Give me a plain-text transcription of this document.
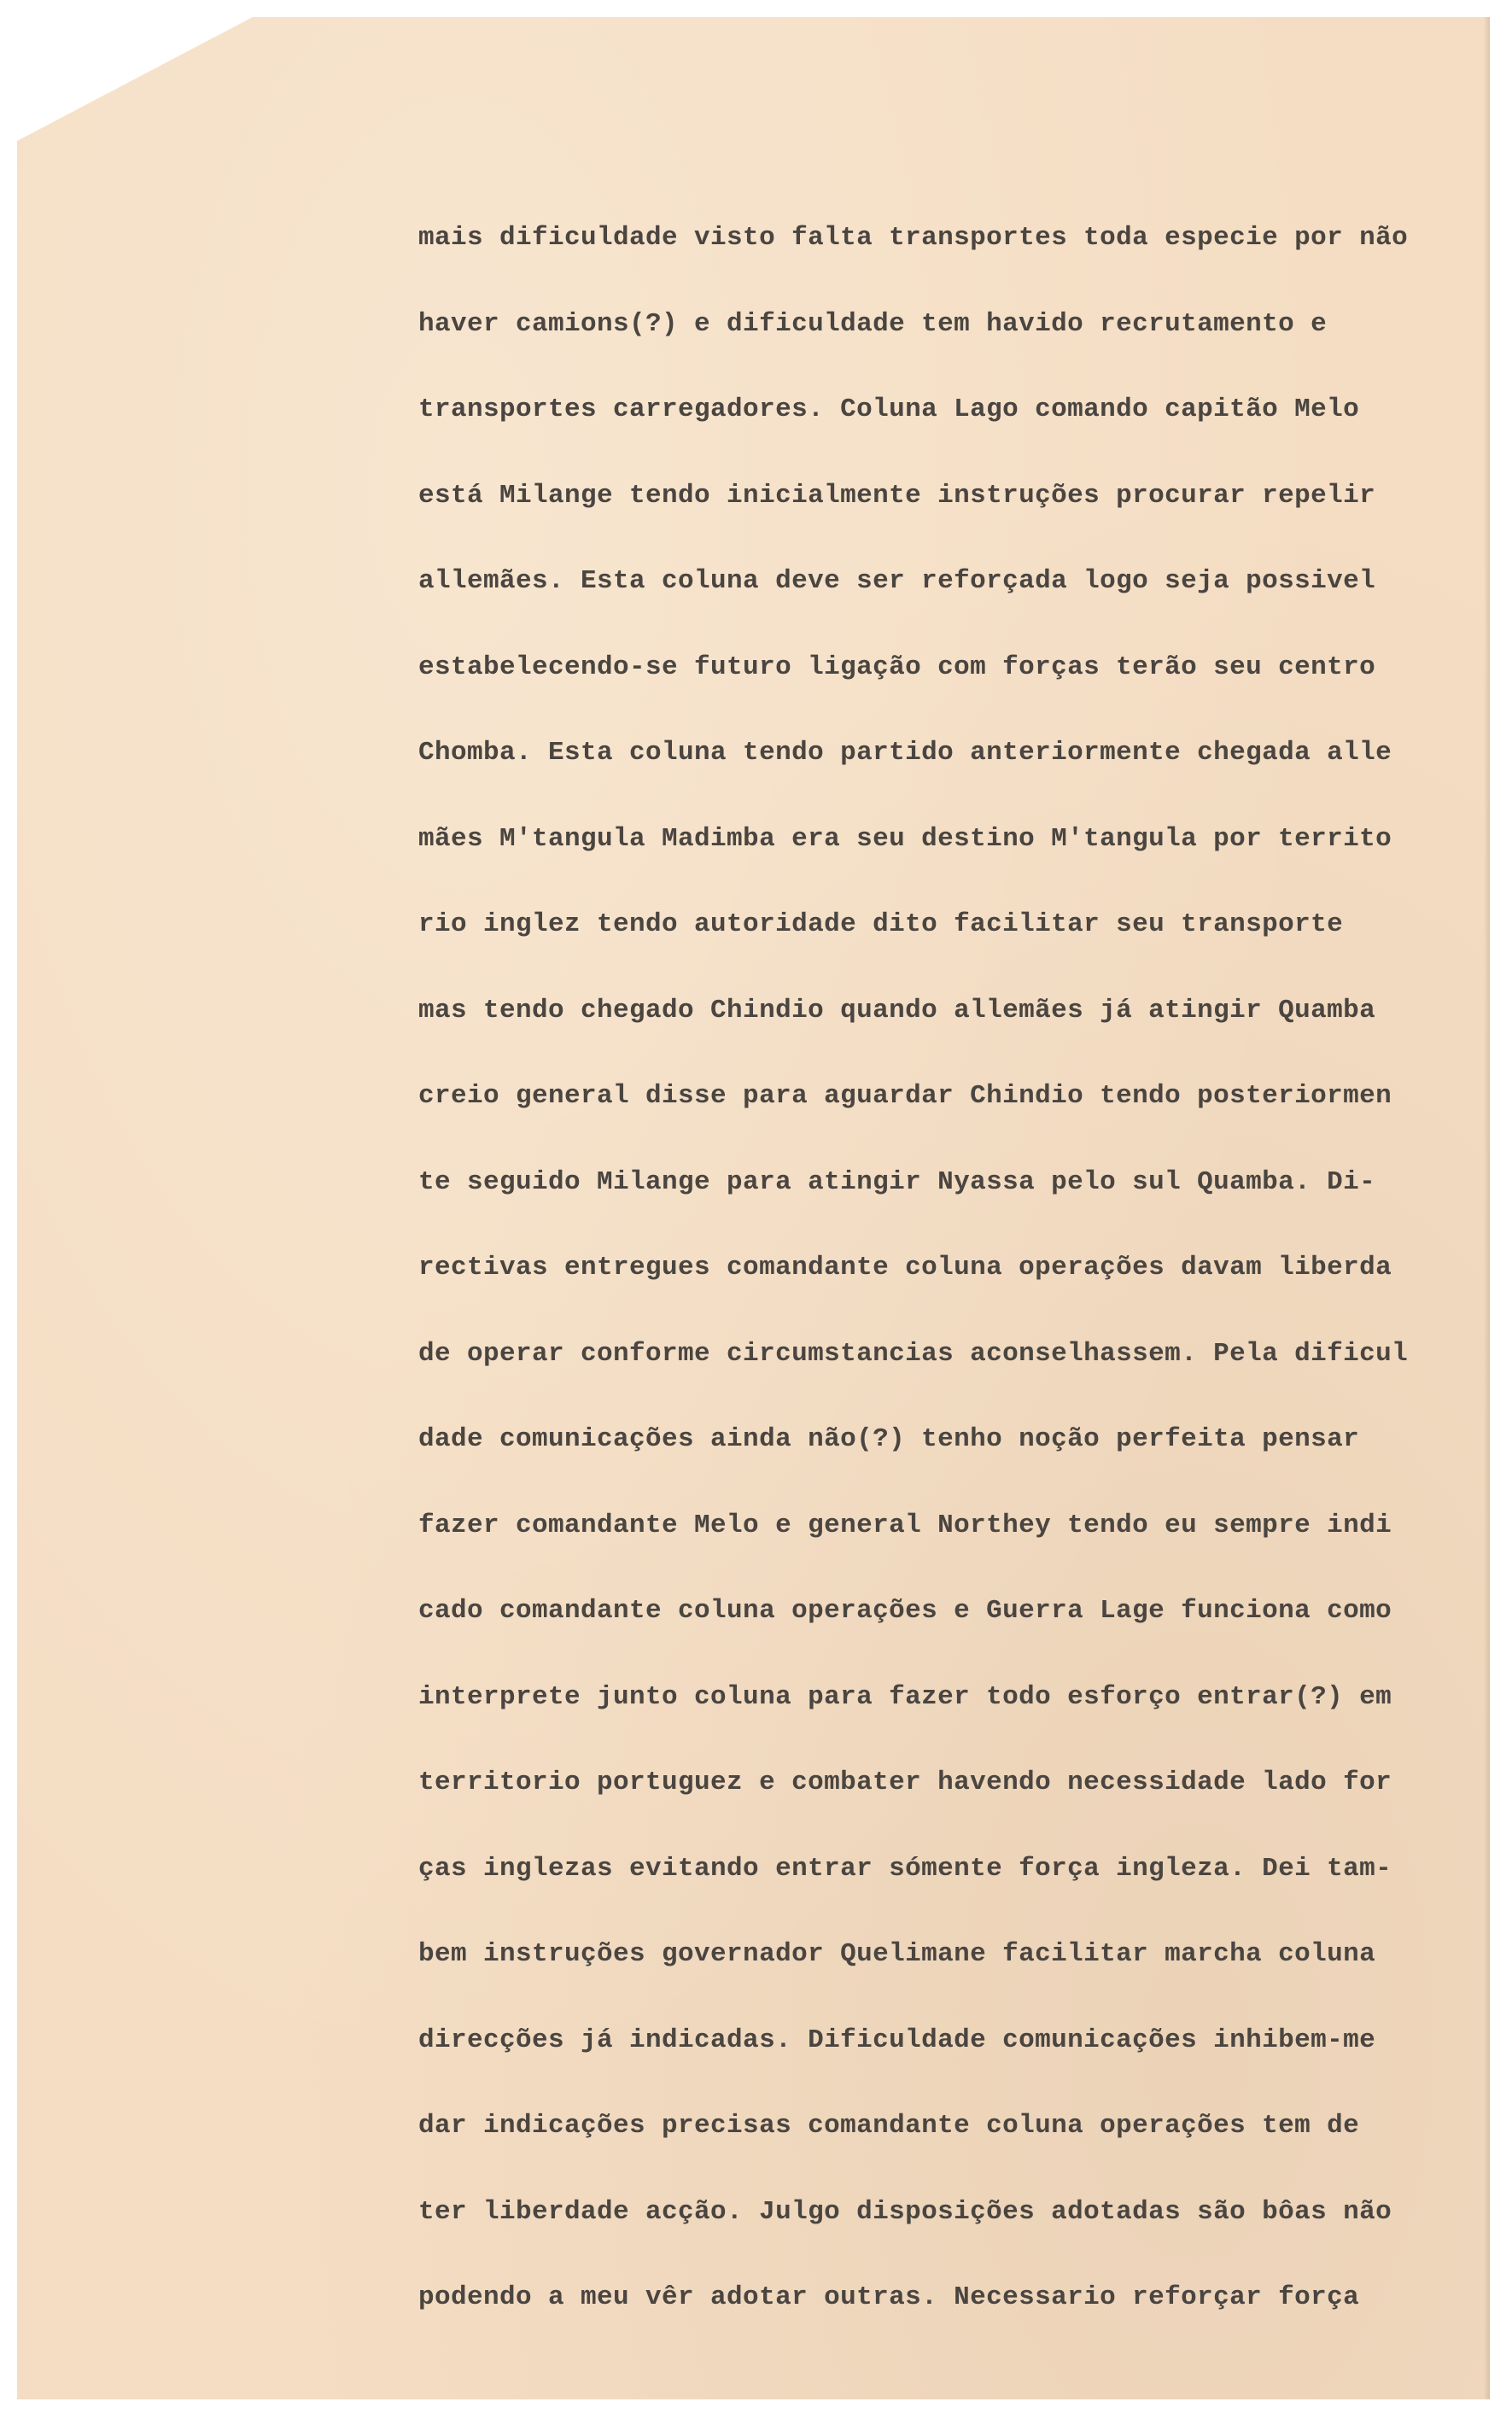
mais dificuldade visto falta transportes toda especie por não
haver camions(?) e dificuldade tem havido recrutamento e
transportes carregadores. Coluna Lago comando capitão Melo
está Milange tendo inicialmente instruções procurar repelir
allemães. Esta coluna deve ser reforçada logo seja possivel
estabelecendo-se futuro ligação com forças terão seu centro
Chomba. Esta coluna tendo partido anteriormente chegada alle
mães M'tangula Madimba era seu destino M'tangula por territo
rio inglez tendo autoridade dito facilitar seu transporte
mas tendo chegado Chindio quando allemães já atingir Quamba
creio general disse para aguardar Chindio tendo posteriormen
te seguido Milange para atingir Nyassa pelo sul Quamba. Di-
rectivas entregues comandante coluna operações davam liberda
de operar conforme circumstancias aconselhassem. Pela dificul
dade comunicações ainda não(?) tenho noção perfeita pensar
fazer comandante Melo e general Northey tendo eu sempre indi
cado comandante coluna operações e Guerra Lage funciona como
interprete junto coluna para fazer todo esforço entrar(?) em
territorio portuguez e combater havendo necessidade lado for
ças inglezas evitando entrar sómente força ingleza. Dei tam-
bem instruções governador Quelimane facilitar marcha coluna
direcções já indicadas. Dificuldade comunicações inhibem-me
dar indicações precisas comandante coluna operações tem de
ter liberdade acção. Julgo disposições adotadas são bôas não
podendo a meu vêr adotar outras. Necessario reforçar força
